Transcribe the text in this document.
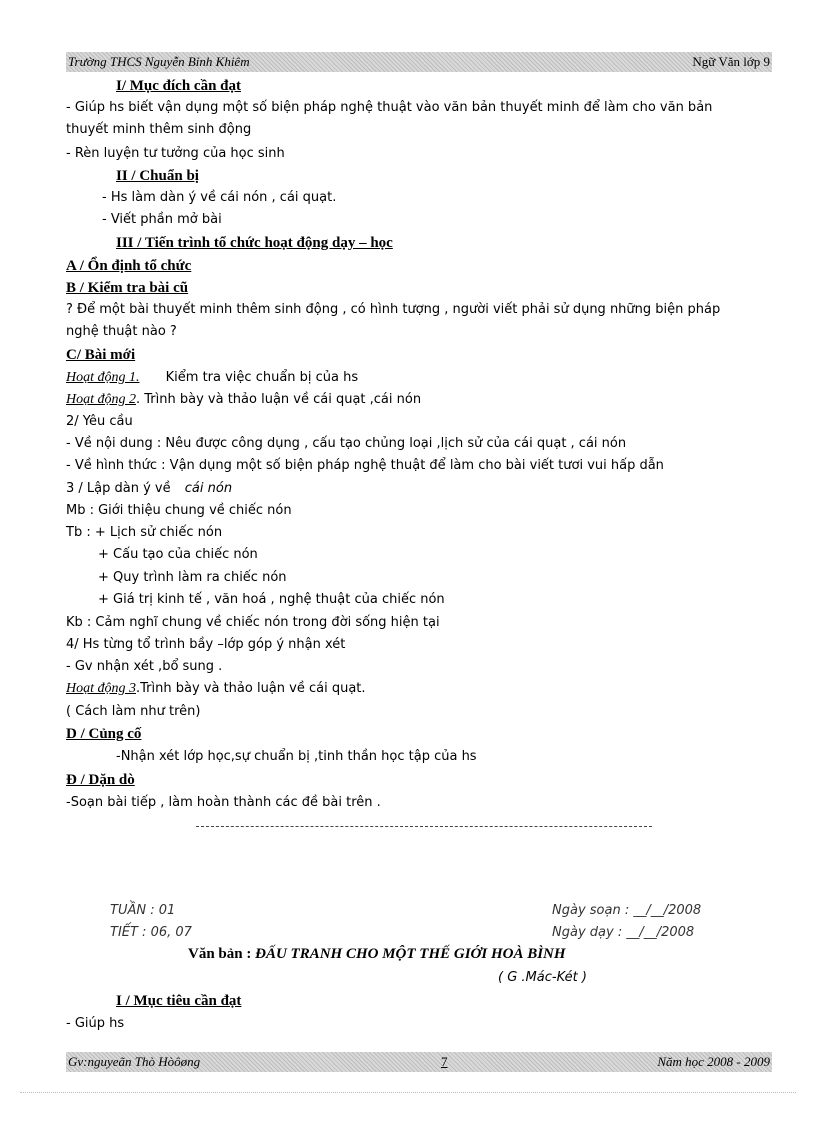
Trường THCS Nguyễn Bỉnh Khiêm	Ngữ Văn lớp 9
I/ Mục đích cần đạt
- Giúp hs biết vận dụng một số biện pháp nghệ thuật vào văn bản thuyết minh để làm cho văn bản
thuyết minh thêm sinh động
- Rèn luyện tư tưởng của học sinh
II / Chuẩn bị
- Hs làm dàn ý về cái nón , cái quạt.
- Viết phần mở bài
III / Tiến trình tổ chức hoạt động dạy – học
A / Ổn định tổ chức
B / Kiểm tra bài cũ
? Để một bài thuyết minh thêm sinh động , có hình tượng , người viết phải sử dụng những biện pháp
nghệ thuật nào ?
C/ Bài mới
Hoạt động 1. Kiểm tra việc chuẩn bị của hs
Hoạt động 2. Trình bày và thảo luận về cái quạt ,cái nón
2/ Yêu cầu
- Về nội dung : Nêu được công dụng , cấu tạo chủng loại ,lịch sử của cái quạt , cái nón
- Về hình thức : Vận dụng một số biện pháp nghệ thuật để làm cho bài viết tươi vui hấp dẫn
3 / Lập dàn ý về cái nón
Mb : Giới thiệu chung về chiếc nón
Tb : + Lịch sử chiếc nón
+ Cấu tạo của chiếc nón
+ Quy trình làm ra chiếc nón
+ Giá trị kinh tế , văn hoá , nghệ thuật của chiếc nón
Kb : Cảm nghĩ chung về chiếc nón trong đời sống hiện tại
4/ Hs từng tổ trình bầy –lớp góp ý nhận xét
- Gv nhận xét ,bổ sung .
Hoạt động 3.Trình bày và thảo luận về cái quạt.
( Cách làm như trên)
D / Củng cố
-Nhận xét lớp học,sự chuẩn bị ,tinh thần học tập của hs
Đ / Dặn dò
-Soạn bài tiếp , làm hoàn thành các đề bài trên .
TUẦN : 01
TIẾT : 06, 07
Ngày soạn : __/__/2008
Ngày dạy : __/__/2008
Văn bản : ĐẤU TRANH CHO MỘT THẾ GIỚI HOÀ BÌNH
( G .Mác-Két )
I / Mục tiêu cần đạt
- Giúp hs
Gv:nguyeãn Thò Hòôøng	7	Năm học 2008 - 2009
